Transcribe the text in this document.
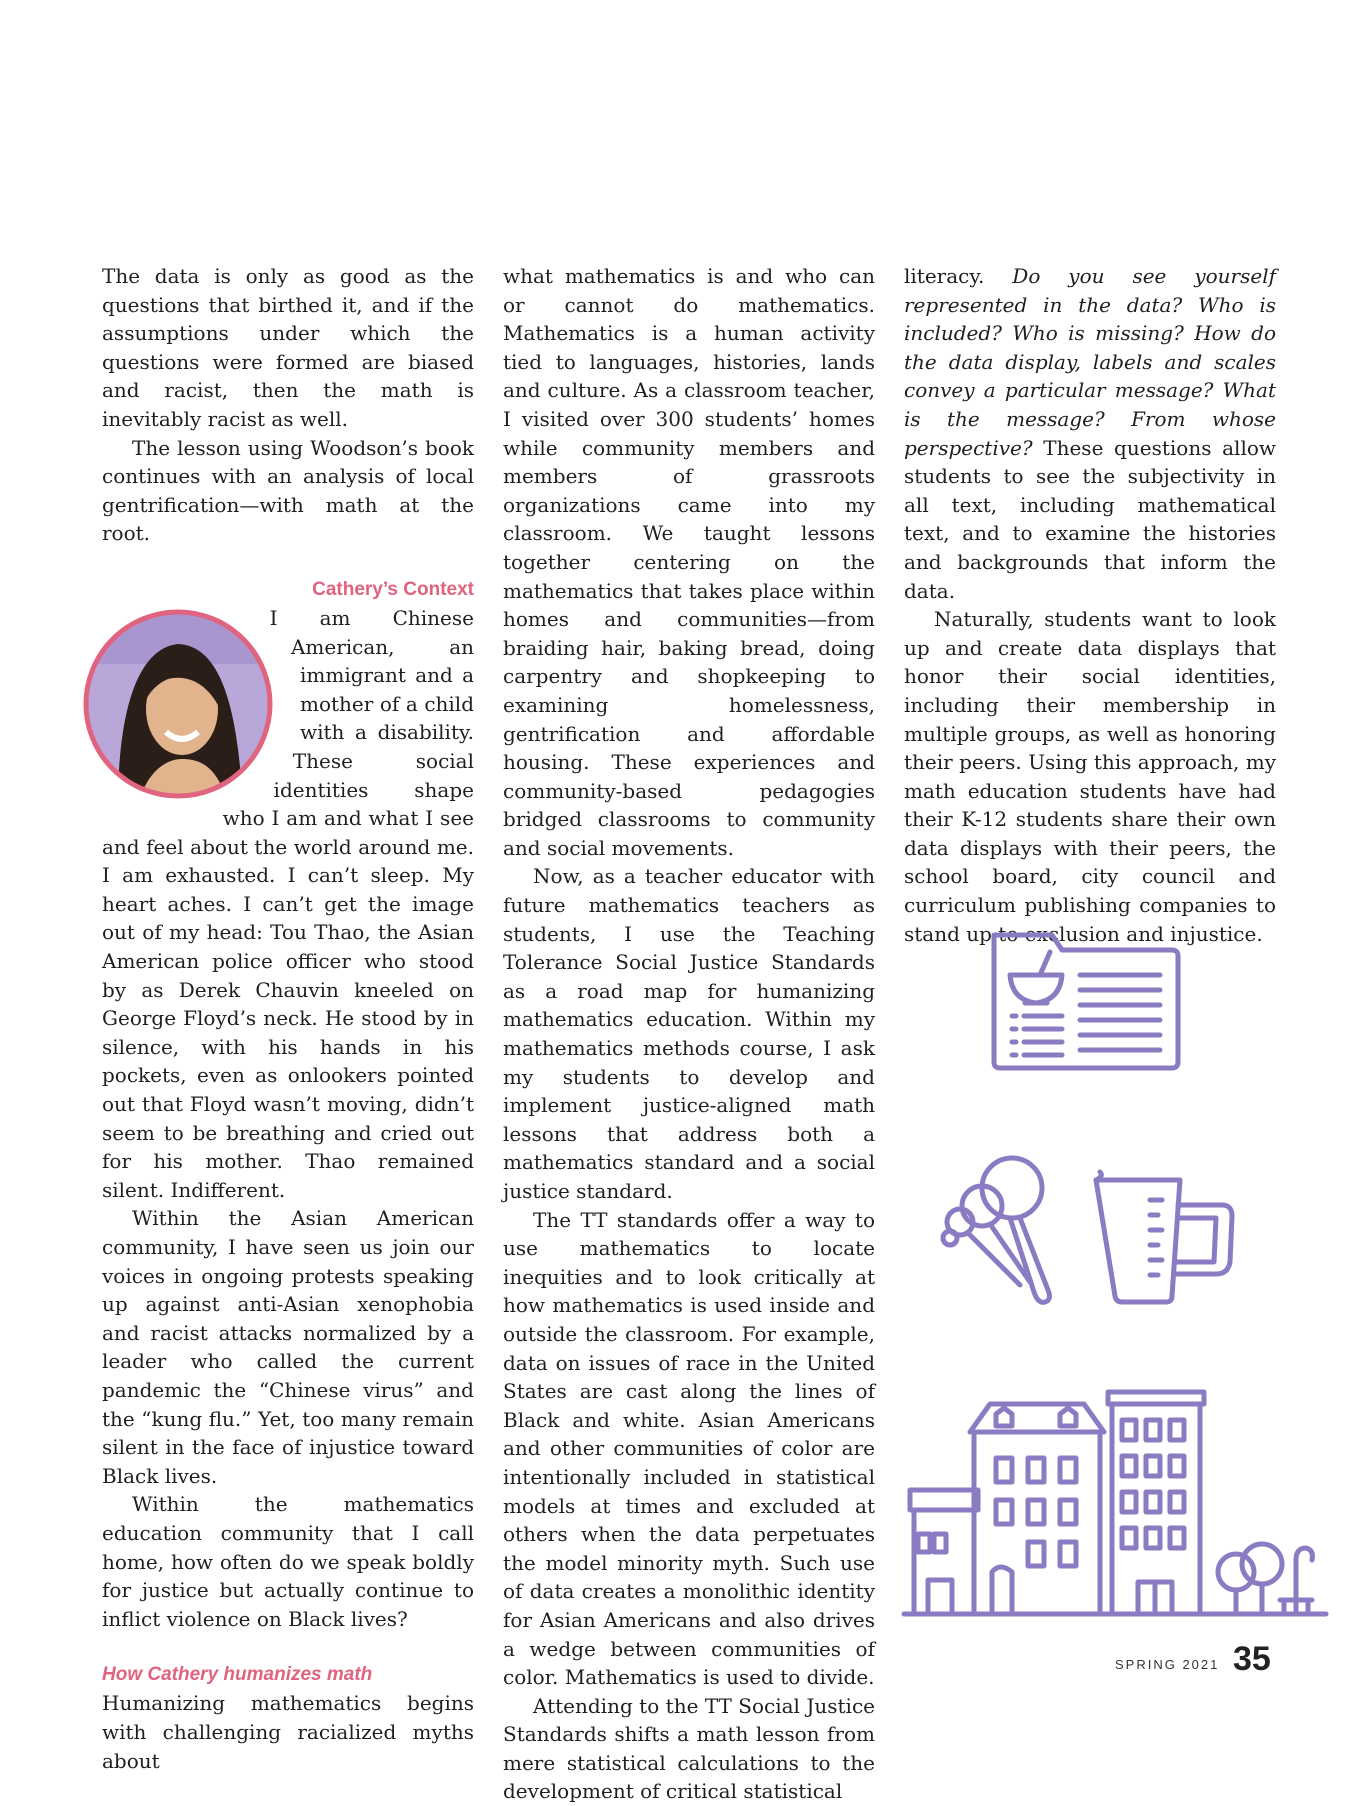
The data is only as good as the questions that birthed it, and if the assumptions under which the questions were formed are biased and racist, then the math is inevitably racist as well.

The lesson using Woodson’s book continues with an analysis of local gentrification—with math at the root.

Cathery’s Context

I am Chinese American, an immigrant and a mother of a child with a disability. These social identities shape who I am and what I see and feel about the world around me. I am exhausted. I can’t sleep. My heart aches. I can’t get the image out of my head: Tou Thao, the Asian American police officer who stood by as Derek Chauvin kneeled on George Floyd’s neck. He stood by in silence, with his hands in his pockets, even as onlookers pointed out that Floyd wasn’t moving, didn’t seem to be breathing and cried out for his mother. Thao remained silent. Indifferent.

Within the Asian American community, I have seen us join our voices in ongoing protests speaking up against anti-Asian xenophobia and racist attacks normalized by a leader who called the current pandemic the “Chinese virus” and the “kung flu.” Yet, too many remain silent in the face of injustice toward Black lives.

Within the mathematics education community that I call home, how often do we speak boldly for justice but actually continue to inflict violence on Black lives?

How Cathery humanizes math

Humanizing mathematics begins with challenging racialized myths about

what mathematics is and who can or cannot do mathematics. Mathematics is a human activity tied to languages, histories, lands and culture. As a classroom teacher, I visited over 300 students’ homes while community members and members of grassroots organizations came into my classroom. We taught lessons together centering on the mathematics that takes place within homes and communities—from braiding hair, baking bread, doing carpentry and shopkeeping to examining homelessness, gentrification and affordable housing. These experiences and community-based pedagogies bridged classrooms to community and social movements.

Now, as a teacher educator with future mathematics teachers as students, I use the Teaching Tolerance Social Justice Standards as a road map for humanizing mathematics education. Within my mathematics methods course, I ask my students to develop and implement justice-aligned math lessons that address both a mathematics standard and a social justice standard.

The TT standards offer a way to use mathematics to locate inequities and to look critically at how mathematics is used inside and outside the classroom. For example, data on issues of race in the United States are cast along the lines of Black and white. Asian Americans and other communities of color are intentionally included in statistical models at times and excluded at others when the data perpetuates the model minority myth. Such use of data creates a monolithic identity for Asian Americans and also drives a wedge between communities of color. Mathematics is used to divide.

Attending to the TT Social Justice Standards shifts a math lesson from mere statistical calculations to the development of critical statistical

literacy. Do you see yourself represented in the data? Who is included? Who is missing? How do the data display, labels and scales convey a particular message? What is the message? From whose perspective? These questions allow students to see the subjectivity in all text, including mathematical text, and to examine the histories and backgrounds that inform the data.

Naturally, students want to look up and create data displays that honor their social identities, including their membership in multiple groups, as well as honoring their peers. Using this approach, my math education students have had their K-12 students share their own data displays with their peers, the school board, city council and curriculum publishing companies to stand up to exclusion and injustice.

SPRING 2021 35
